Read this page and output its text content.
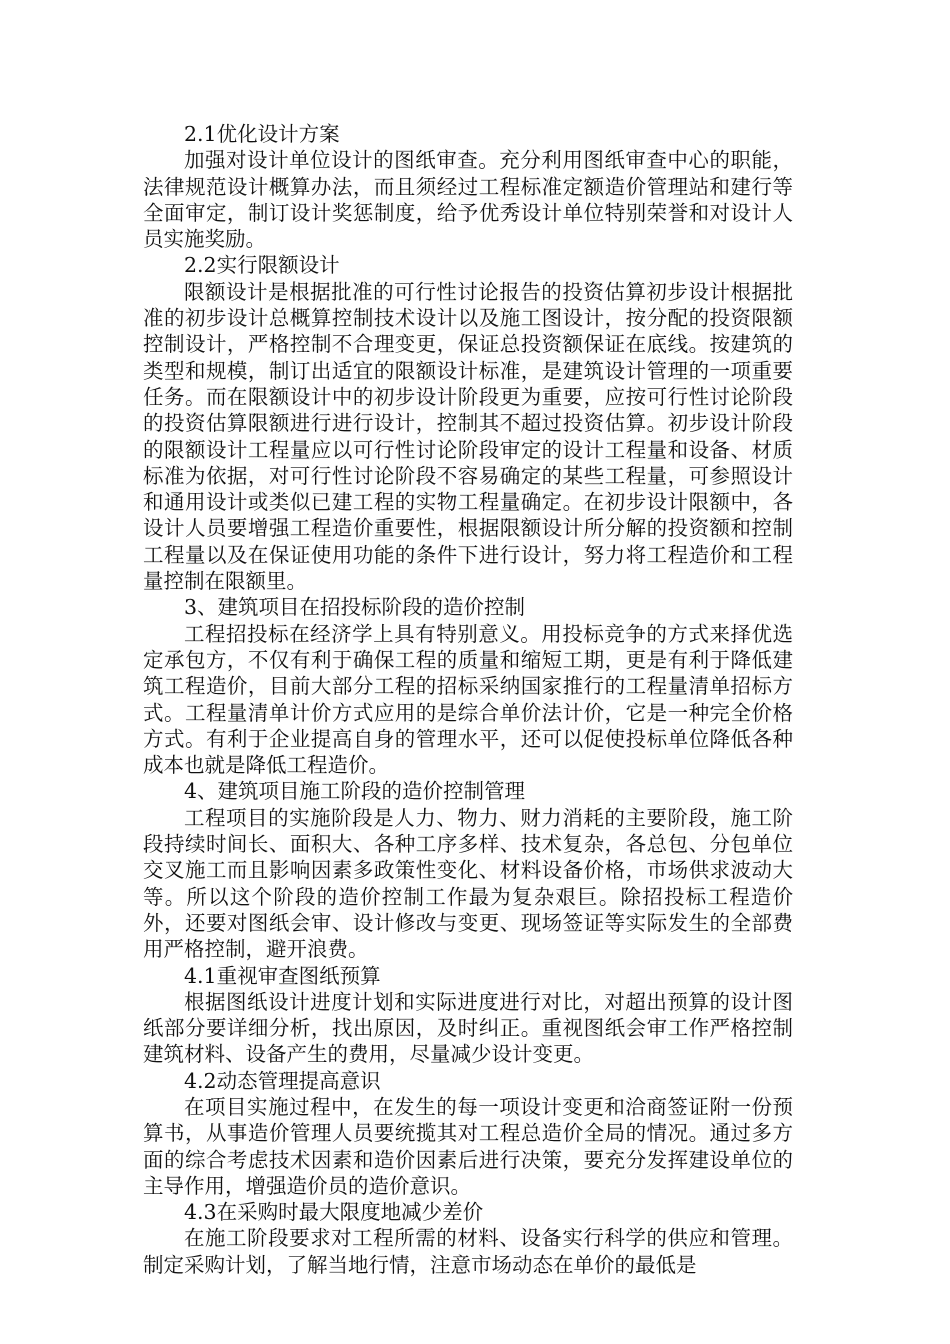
2.1优化设计方案

加强对设计单位设计的图纸审查。充分利用图纸审查中心的职能，法律规范设计概算办法，而且须经过工程标准定额造价管理站和建行等全面审定，制订设计奖惩制度，给予优秀设计单位特别荣誉和对设计人员实施奖励。

2.2实行限额设计

限额设计是根据批准的可行性讨论报告的投资估算初步设计根据批准的初步设计总概算控制技术设计以及施工图设计，按分配的投资限额控制设计，严格控制不合理变更，保证总投资额保证在底线。按建筑的类型和规模，制订出适宜的限额设计标准，是建筑设计管理的一项重要任务。而在限额设计中的初步设计阶段更为重要，应按可行性讨论阶段的投资估算限额进行进行设计，控制其不超过投资估算。初步设计阶段的限额设计工程量应以可行性讨论阶段审定的设计工程量和设备、材质标准为依据，对可行性讨论阶段不容易确定的某些工程量，可参照设计和通用设计或类似已建工程的实物工程量确定。在初步设计限额中，各设计人员要增强工程造价重要性，根据限额设计所分解的投资额和控制工程量以及在保证使用功能的条件下进行设计，努力将工程造价和工程量控制在限额里。

3、建筑项目在招投标阶段的造价控制

工程招投标在经济学上具有特别意义。用投标竞争的方式来择优选定承包方，不仅有利于确保工程的质量和缩短工期，更是有利于降低建筑工程造价，目前大部分工程的招标采纳国家推行的工程量清单招标方式。工程量清单计价方式应用的是综合单价法计价，它是一种完全价格方式。有利于企业提高自身的管理水平，还可以促使投标单位降低各种成本也就是降低工程造价。

4、建筑项目施工阶段的造价控制管理

工程项目的实施阶段是人力、物力、财力消耗的主要阶段，施工阶段持续时间长、面积大、各种工序多样、技术复杂，各总包、分包单位交叉施工而且影响因素多政策性变化、材料设备价格，市场供求波动大等。所以这个阶段的造价控制工作最为复杂艰巨。除招投标工程造价外，还要对图纸会审、设计修改与变更、现场签证等实际发生的全部费用严格控制，避开浪费。

4.1重视审查图纸预算

根据图纸设计进度计划和实际进度进行对比，对超出预算的设计图纸部分要详细分析，找出原因，及时纠正。重视图纸会审工作严格控制建筑材料、设备产生的费用，尽量减少设计变更。

4.2动态管理提高意识

在项目实施过程中，在发生的每一项设计变更和洽商签证附一份预算书，从事造价管理人员要统揽其对工程总造价全局的情况。通过多方面的综合考虑技术因素和造价因素后进行决策，要充分发挥建设单位的主导作用，增强造价员的造价意识。

4.3在采购时最大限度地减少差价

在施工阶段要求对工程所需的材料、设备实行科学的供应和管理。制定采购计划，了解当地行情，注意市场动态在单价的最低是
